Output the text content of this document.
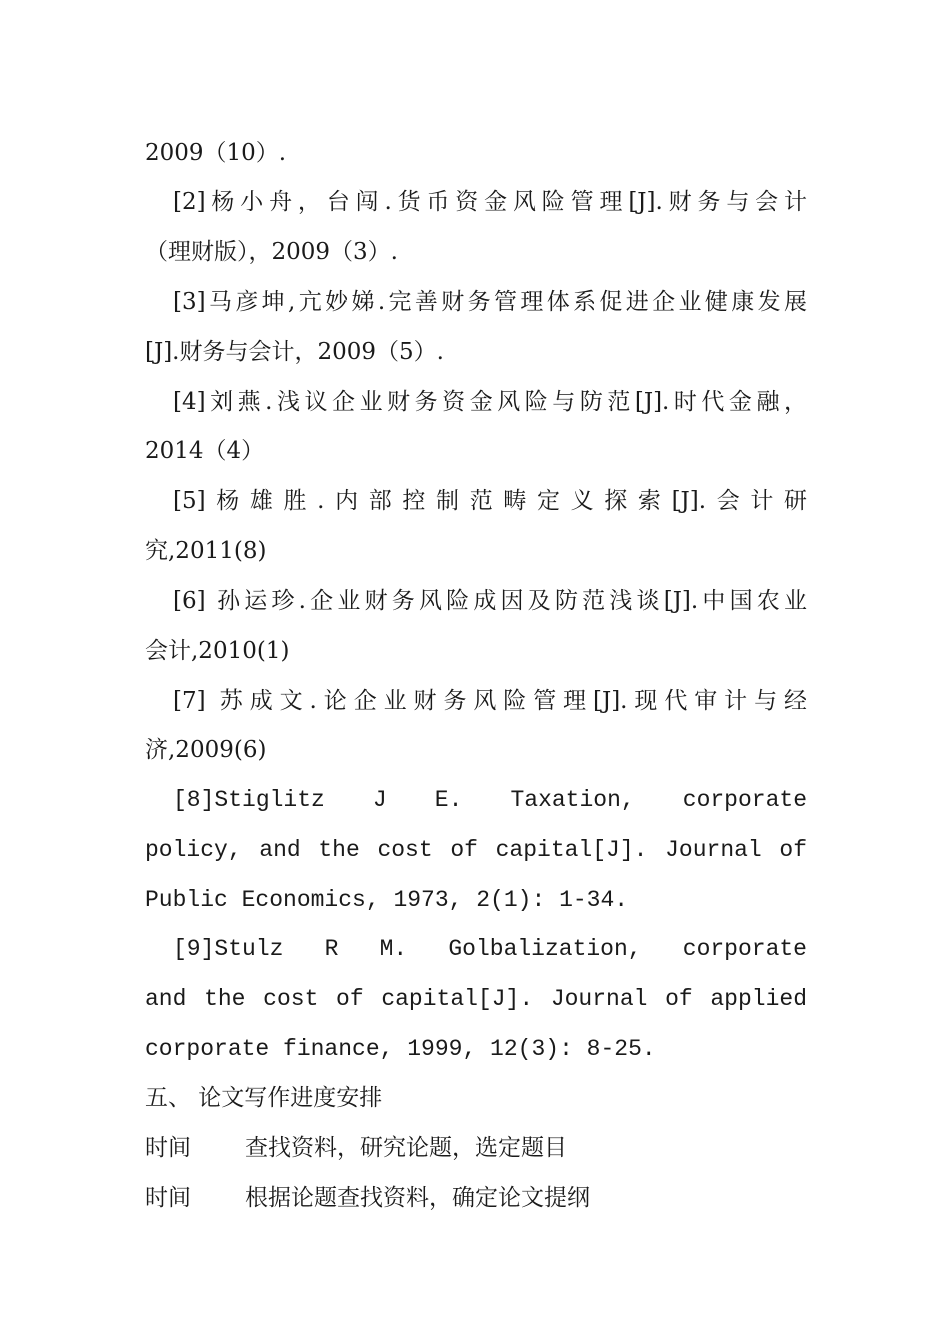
2009（10）.
[2]杨小舟，台闯.货币资金风险管理[J].财务与会计
（理财版），2009（3）.
[3]马彦坤,亢妙娣.完善财务管理体系促进企业健康发展
[J].财务与会计，2009（5）.
[4]刘燕.浅议企业财务资金风险与防范[J].时代金融，
2014（4）
[5]杨雄胜.内部控制范畴定义探索[J].会计研
究,2011(8)
[6] 孙运珍.企业财务风险成因及防范浅谈[J].中国农业
会计,2010(1)
[7] 苏成文.论企业财务风险管理[J].现代审计与经
济,2009(6)
[8]Stiglitz J E. Taxation, corporate
policy, and the cost of capital[J]. Journal of
Public Economics, 1973, 2(1): 1-34.
[9]Stulz R M. Golbalization, corporate
and the cost of capital[J]. Journal of applied
corporate finance, 1999, 12(3): 8-25.
五、 论文写作进度安排
时间 查找资料，研究论题，选定题目
时间 根据论题查找资料，确定论文提纲
